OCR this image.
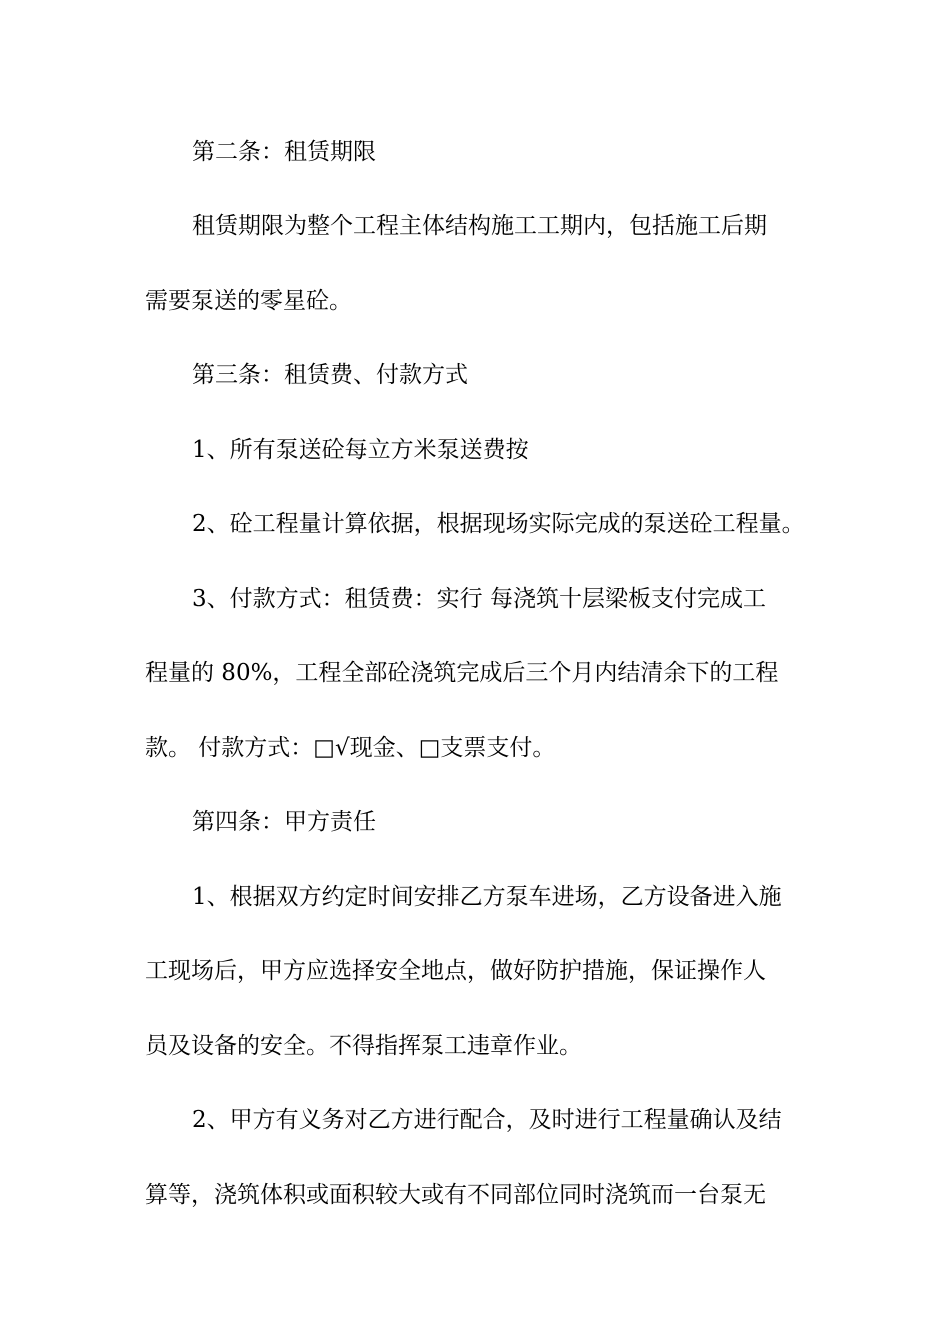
第二条：租赁期限
租赁期限为整个工程主体结构施工工期内，包括施工后期
需要泵送的零星砼。
第三条：租赁费、付款方式
1、所有泵送砼每立方米泵送费按
2、砼工程量计算依据，根据现场实际完成的泵送砼工程量。
3、付款方式：租赁费：实行 每浇筑十层梁板支付完成工
程量的 80%，工程全部砼浇筑完成后三个月内结清余下的工程
款。 付款方式：□√现金、□支票支付。
第四条：甲方责任
1、根据双方约定时间安排乙方泵车进场，乙方设备进入施
工现场后，甲方应选择安全地点，做好防护措施，保证操作人
员及设备的安全。不得指挥泵工违章作业。
2、甲方有义务对乙方进行配合，及时进行工程量确认及结
算等，浇筑体积或面积较大或有不同部位同时浇筑而一台泵无
